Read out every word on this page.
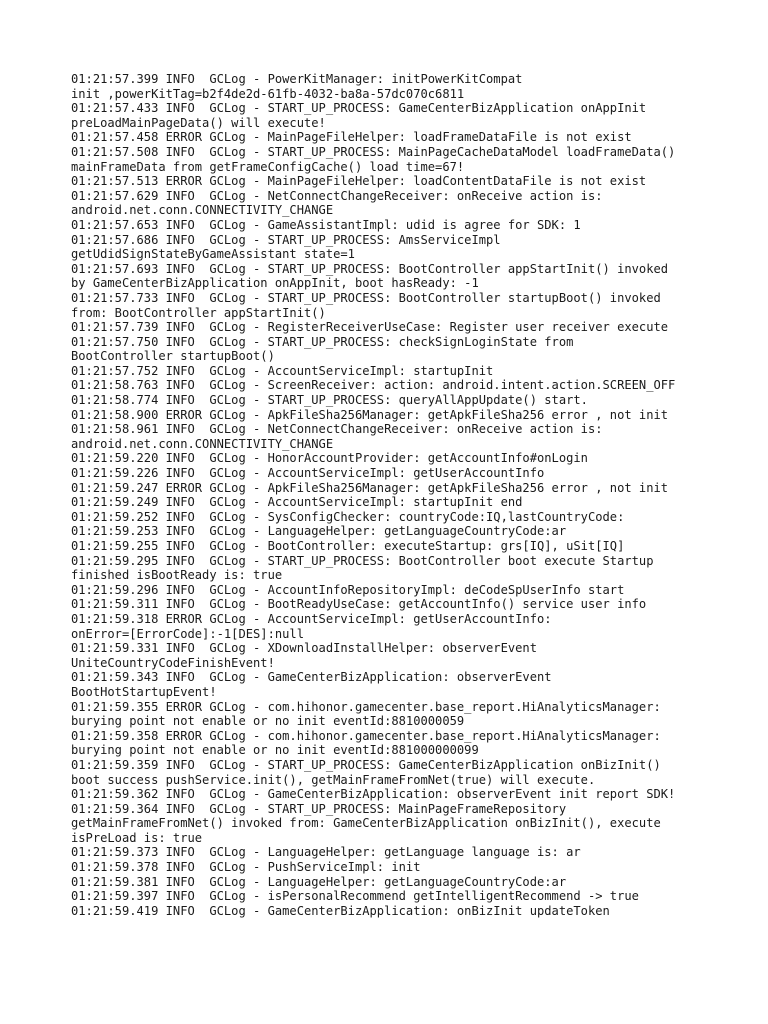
01:21:57.399 INFO  GCLog - PowerKitManager: initPowerKitCompat
init ,powerKitTag=b2f4de2d-61fb-4032-ba8a-57dc070c6811
01:21:57.433 INFO  GCLog - START_UP_PROCESS: GameCenterBizApplication onAppInit
preLoadMainPageData() will execute!
01:21:57.458 ERROR GCLog - MainPageFileHelper: loadFrameDataFile is not exist
01:21:57.508 INFO  GCLog - START_UP_PROCESS: MainPageCacheDataModel loadFrameData()
mainFrameData from getFrameConfigCache() load time=67!
01:21:57.513 ERROR GCLog - MainPageFileHelper: loadContentDataFile is not exist
01:21:57.629 INFO  GCLog - NetConnectChangeReceiver: onReceive action is:
android.net.conn.CONNECTIVITY_CHANGE
01:21:57.653 INFO  GCLog - GameAssistantImpl: udid is agree for SDK: 1
01:21:57.686 INFO  GCLog - START_UP_PROCESS: AmsServiceImpl
getUdidSignStateByGameAssistant state=1
01:21:57.693 INFO  GCLog - START_UP_PROCESS: BootController appStartInit() invoked
by GameCenterBizApplication onAppInit, boot hasReady: -1
01:21:57.733 INFO  GCLog - START_UP_PROCESS: BootController startupBoot() invoked
from: BootController appStartInit()
01:21:57.739 INFO  GCLog - RegisterReceiverUseCase: Register user receiver execute
01:21:57.750 INFO  GCLog - START_UP_PROCESS: checkSignLoginState from
BootController startupBoot()
01:21:57.752 INFO  GCLog - AccountServiceImpl: startupInit
01:21:58.763 INFO  GCLog - ScreenReceiver: action: android.intent.action.SCREEN_OFF
01:21:58.774 INFO  GCLog - START_UP_PROCESS: queryAllAppUpdate() start.
01:21:58.900 ERROR GCLog - ApkFileSha256Manager: getApkFileSha256 error , not init
01:21:58.961 INFO  GCLog - NetConnectChangeReceiver: onReceive action is:
android.net.conn.CONNECTIVITY_CHANGE
01:21:59.220 INFO  GCLog - HonorAccountProvider: getAccountInfo#onLogin
01:21:59.226 INFO  GCLog - AccountServiceImpl: getUserAccountInfo
01:21:59.247 ERROR GCLog - ApkFileSha256Manager: getApkFileSha256 error , not init
01:21:59.249 INFO  GCLog - AccountServiceImpl: startupInit end
01:21:59.252 INFO  GCLog - SysConfigChecker: countryCode:IQ,lastCountryCode:
01:21:59.253 INFO  GCLog - LanguageHelper: getLanguageCountryCode:ar
01:21:59.255 INFO  GCLog - BootController: executeStartup: grs[IQ], uSit[IQ]
01:21:59.295 INFO  GCLog - START_UP_PROCESS: BootController boot execute Startup
finished isBootReady is: true
01:21:59.296 INFO  GCLog - AccountInfoRepositoryImpl: deCodeSpUserInfo start
01:21:59.311 INFO  GCLog - BootReadyUseCase: getAccountInfo() service user info
01:21:59.318 ERROR GCLog - AccountServiceImpl: getUserAccountInfo:
onError=[ErrorCode]:-1[DES]:null
01:21:59.331 INFO  GCLog - XDownloadInstallHelper: observerEvent
UniteCountryCodeFinishEvent!
01:21:59.343 INFO  GCLog - GameCenterBizApplication: observerEvent
BootHotStartupEvent!
01:21:59.355 ERROR GCLog - com.hihonor.gamecenter.base_report.HiAnalyticsManager:
burying point not enable or no init eventId:8810000059
01:21:59.358 ERROR GCLog - com.hihonor.gamecenter.base_report.HiAnalyticsManager:
burying point not enable or no init eventId:881000000099
01:21:59.359 INFO  GCLog - START_UP_PROCESS: GameCenterBizApplication onBizInit()
boot success pushService.init(), getMainFrameFromNet(true) will execute.
01:21:59.362 INFO  GCLog - GameCenterBizApplication: observerEvent init report SDK!
01:21:59.364 INFO  GCLog - START_UP_PROCESS: MainPageFrameRepository
getMainFrameFromNet() invoked from: GameCenterBizApplication onBizInit(), execute
isPreLoad is: true
01:21:59.373 INFO  GCLog - LanguageHelper: getLanguage language is: ar
01:21:59.378 INFO  GCLog - PushServiceImpl: init
01:21:59.381 INFO  GCLog - LanguageHelper: getLanguageCountryCode:ar
01:21:59.397 INFO  GCLog - isPersonalRecommend getIntelligentRecommend -> true
01:21:59.419 INFO  GCLog - GameCenterBizApplication: onBizInit updateToken
